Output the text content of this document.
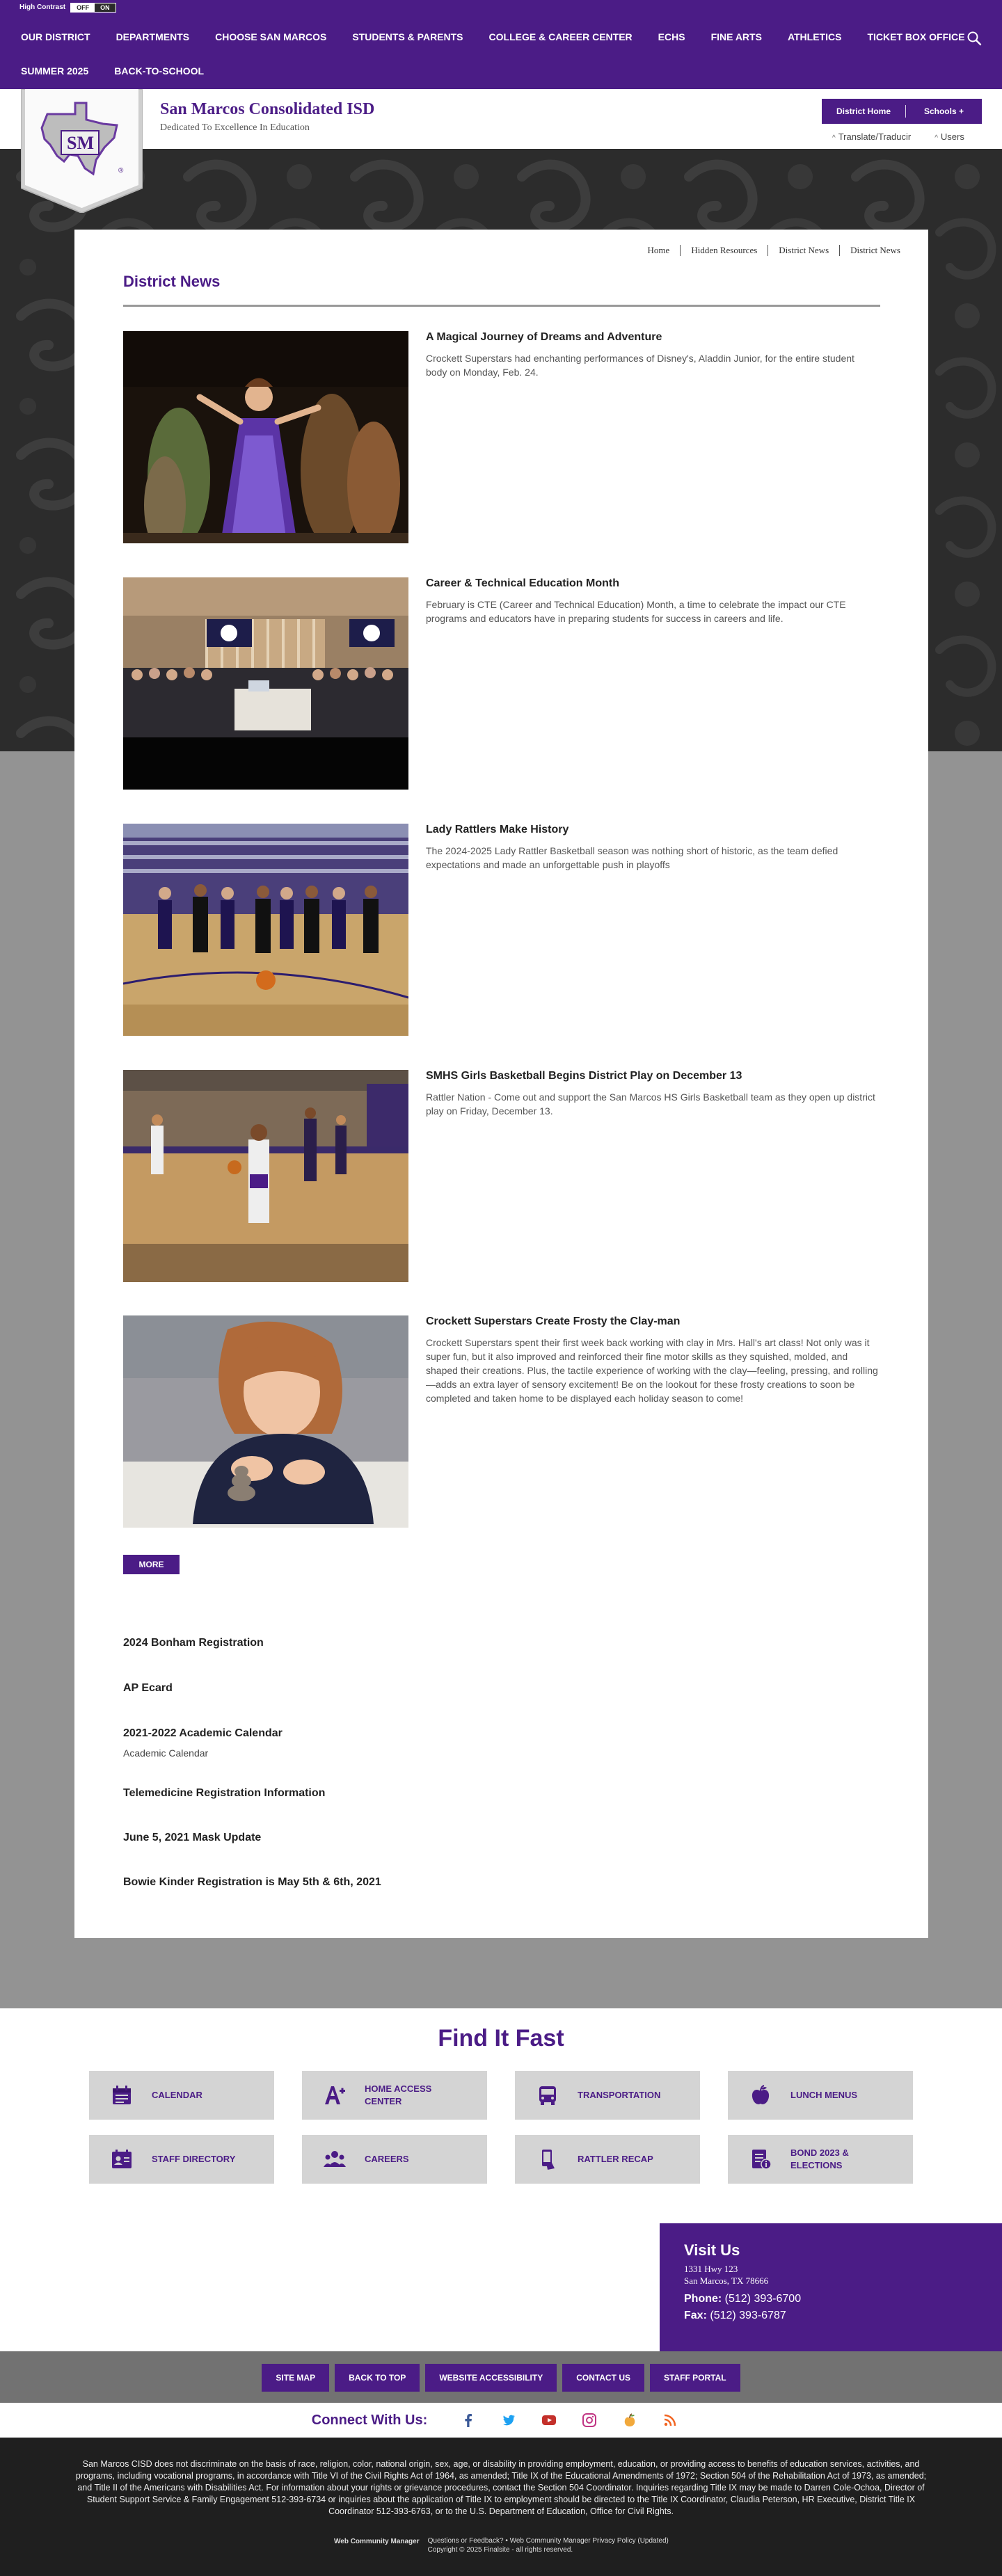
High Contrast	OFF	ON
OUR DISTRICT	DEPARTMENTS	CHOOSE SAN MARCOS	STUDENTS & PARENTS	COLLEGE & CAREER CENTER	ECHS	FINE ARTS	ATHLETICS	TICKET BOX OFFICE
SUMMER 2025	BACK-TO-SCHOOL
SM
®
San Marcos Consolidated ISD
Dedicated To Excellence In Education
District Home	Schools +
^ Translate/Traducir
^	Users
Home	Hidden Resources	District News	District News
District News
A Magical Journey of Dreams and Adventure
Crockett Superstars had enchanting performances of Disney's, Aladdin Junior, for the entire student body on Monday, Feb. 24.
Career & Technical Education Month
February is CTE (Career and Technical Education) Month, a time to celebrate the impact our CTE programs and educators have in preparing students for success in careers and life.
Lady Rattlers Make History
The 2024-2025 Lady Rattler Basketball season was nothing short of historic, as the team defied expectations and made an unforgettable push in playoffs
SMHS Girls Basketball Begins District Play on December 13
Rattler Nation - Come out and support the San Marcos HS Girls Basketball team as they open up district play on Friday, December 13.
Crockett Superstars Create Frosty the Clay-man
Crockett Superstars spent their first week back working with clay in Mrs. Hall's art class! Not only was it super fun, but it also improved and reinforced their fine motor skills as they squished, molded, and shaped their creations. Plus, the tactile experience of working with the clay—feeling, pressing, and rolling—adds an extra layer of sensory excitement! Be on the lookout for these frosty creations to soon be completed and taken home to be displayed each holiday season to come!
MORE
2024 Bonham Registration
AP Ecard
2021-2022 Academic Calendar
Academic Calendar
Telemedicine Registration Information
June 5, 2021 Mask Update
Bowie Kinder Registration is May 5th & 6th, 2021
Find It Fast
CALENDAR
HOME ACCESS CENTER
TRANSPORTATION	LUNCH MENUS
STAFF DIRECTORY	CAREERS	RATTLER RECAP
BOND 2023 & ELECTIONS
Visit Us
1331 Hwy 123
San Marcos, TX 78666
Phone: (512) 393-6700
Fax: (512) 393-6787
SITE MAP	BACK TO TOP	WEBSITE ACCESSIBILITY	CONTACT US	STAFF PORTAL
Connect With Us:
San Marcos CISD does not discriminate on the basis of race, religion, color, national origin, sex, age, or disability in providing employment, education, or providing access to benefits of education services, activities, and programs, including vocational programs, in accordance with Title VI of the Civil Rights Act of 1964, as amended; Title IX of the Educational Amendments of 1972; Section 504 of the Rehabilitation Act of 1973, as amended; and Title II of the Americans with Disabilities Act. For information about your rights or grievance procedures, contact the Section 504 Coordinator. Inquiries regarding Title IX may be made to Darren Cole-Ochoa, Director of Student Support Service & Family Engagement 512-393-6734 or inquiries about the application of Title IX to employment should be directed to the Title IX Coordinator, Claudia Peterson, HR Executive, District Title IX Coordinator 512-393-6763, or to the U.S. Department of Education, Office for Civil Rights.
Web Community Manager Questions or Feedback? • Web Community Manager Privacy Policy (Updated)
Copyright © 2025 Finalsite - all rights reserved.
